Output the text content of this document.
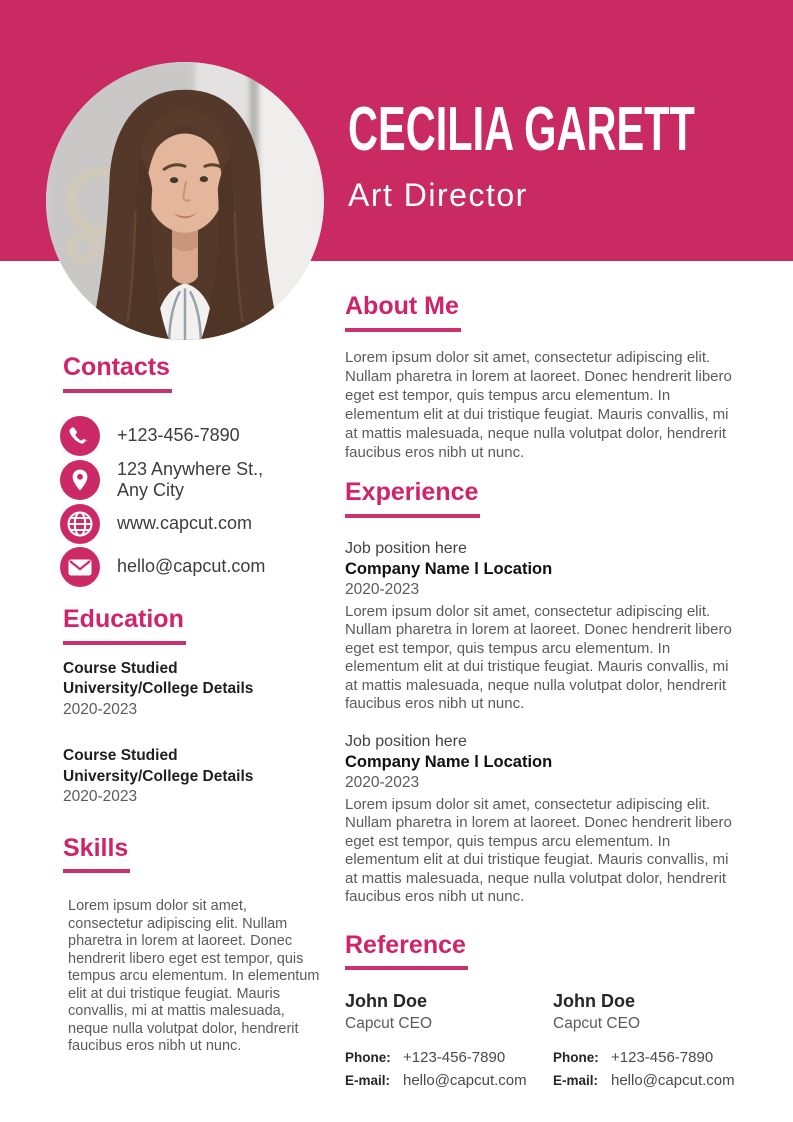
CECILIA GARETT
Art Director
Contacts
+123-456-7890
123 Anywhere St.,
Any City
www.capcut.com
hello@capcut.com
Education
Course Studied
University/College Details
2020-2023
Course Studied
University/College Details
2020-2023
Skills
Lorem ipsum dolor sit amet, consectetur adipiscing elit. Nullam pharetra in lorem at laoreet. Donec hendrerit libero eget est tempor, quis tempus arcu elementum. In elementum elit at dui tristique feugiat. Mauris convallis, mi at mattis malesuada, neque nulla volutpat dolor, hendrerit faucibus eros nibh ut nunc.
About Me
Lorem ipsum dolor sit amet, consectetur adipiscing elit. Nullam pharetra in lorem at laoreet. Donec hendrerit libero eget est tempor, quis tempus arcu elementum. In elementum elit at dui tristique feugiat. Mauris convallis, mi at mattis malesuada, neque nulla volutpat dolor, hendrerit faucibus eros nibh ut nunc.
Experience
Job position here
Company Name l Location
2020-2023
Lorem ipsum dolor sit amet, consectetur adipiscing elit. Nullam pharetra in lorem at laoreet. Donec hendrerit libero eget est tempor, quis tempus arcu elementum. In elementum elit at dui tristique feugiat. Mauris convallis, mi at mattis malesuada, neque nulla volutpat dolor, hendrerit faucibus eros nibh ut nunc.
Job position here
Company Name l Location
2020-2023
Lorem ipsum dolor sit amet, consectetur adipiscing elit. Nullam pharetra in lorem at laoreet. Donec hendrerit libero eget est tempor, quis tempus arcu elementum. In elementum elit at dui tristique feugiat. Mauris convallis, mi at mattis malesuada, neque nulla volutpat dolor, hendrerit faucibus eros nibh ut nunc.
Reference
John Doe
Capcut CEO
Phone: +123-456-7890
E-mail: hello@capcut.com
John Doe
Capcut CEO
Phone: +123-456-7890
E-mail: hello@capcut.com
